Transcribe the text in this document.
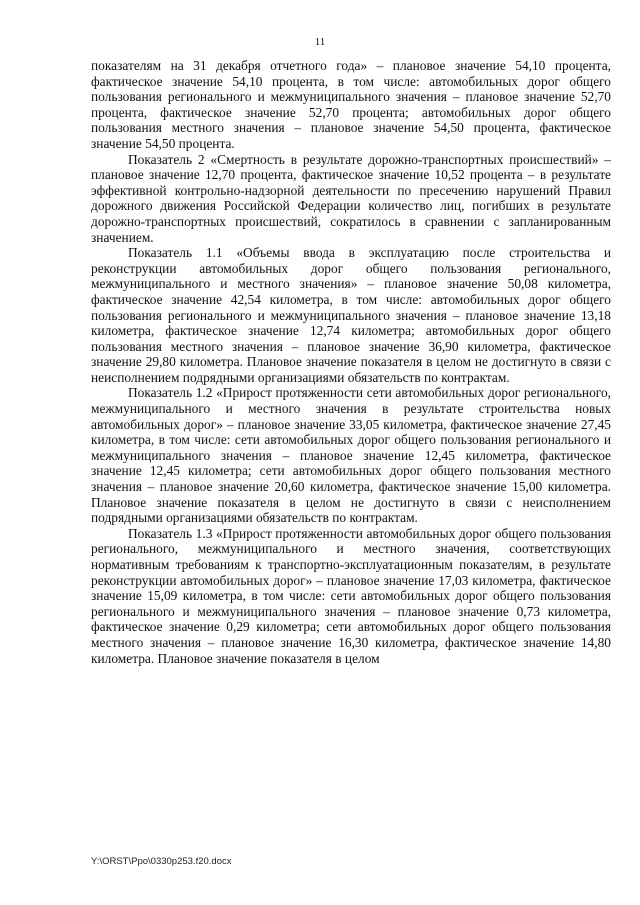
11

показателям на 31 декабря отчетного года» – плановое значение 54,10 процента, фактическое значение 54,10 процента, в том числе: автомобильных дорог общего пользования регионального и межмуниципального значения – плановое значение 52,70 процента, фактическое значение 52,70 процента; автомобильных дорог общего пользования местного значения – плановое значение 54,50 процента, фактическое значение 54,50 процента.

Показатель 2 «Смертность в результате дорожно-транспортных происшествий» – плановое значение 12,70 процента, фактическое значение 10,52 процента – в результате эффективной контрольно-надзорной деятельности по пресечению нарушений Правил дорожного движения Российской Федерации количество лиц, погибших в результате дорожно-транспортных происшествий, сократилось в сравнении с запланированным значением.

Показатель 1.1 «Объемы ввода в эксплуатацию после строительства и реконструкции автомобильных дорог общего пользования регионального, межмуниципального и местного значения» – плановое значение 50,08 километра, фактическое значение 42,54 километра, в том числе: автомобильных дорог общего пользования регионального и межмуниципального значения – плановое значение 13,18 километра, фактическое значение 12,74 километра; автомобильных дорог общего пользования местного значения – плановое значение 36,90 километра, фактическое значение 29,80 километра. Плановое значение показателя в целом не достигнуто в связи с неисполнением подрядными организациями обязательств по контрактам.

Показатель 1.2 «Прирост протяженности сети автомобильных дорог регионального, межмуниципального и местного значения в результате строительства новых автомобильных дорог» – плановое значение 33,05 километра, фактическое значение 27,45 километра, в том числе: сети автомобильных дорог общего пользования регионального и межмуниципального значения – плановое значение 12,45 километра, фактическое значение 12,45 километра; сети автомобильных дорог общего пользования местного значения – плановое значение 20,60 километра, фактическое значение 15,00 километра. Плановое значение показателя в целом не достигнуто в связи с неисполнением подрядными организациями обязательств по контрактам.

Показатель 1.3 «Прирост протяженности автомобильных дорог общего пользования регионального, межмуниципального и местного значения, соответствующих нормативным требованиям к транспортно-эксплуатационным показателям, в результате реконструкции автомобильных дорог» – плановое значение 17,03 километра, фактическое значение 15,09 километра, в том числе: сети автомобильных дорог общего пользования регионального и межмуниципального значения – плановое значение 0,73 километра, фактическое значение 0,29 километра; сети автомобильных дорог общего пользования местного значения – плановое значение 16,30 километра, фактическое значение 14,80 километра. Плановое значение показателя в целом

Y:\ORST\Ppo\0330p253.f20.docx
